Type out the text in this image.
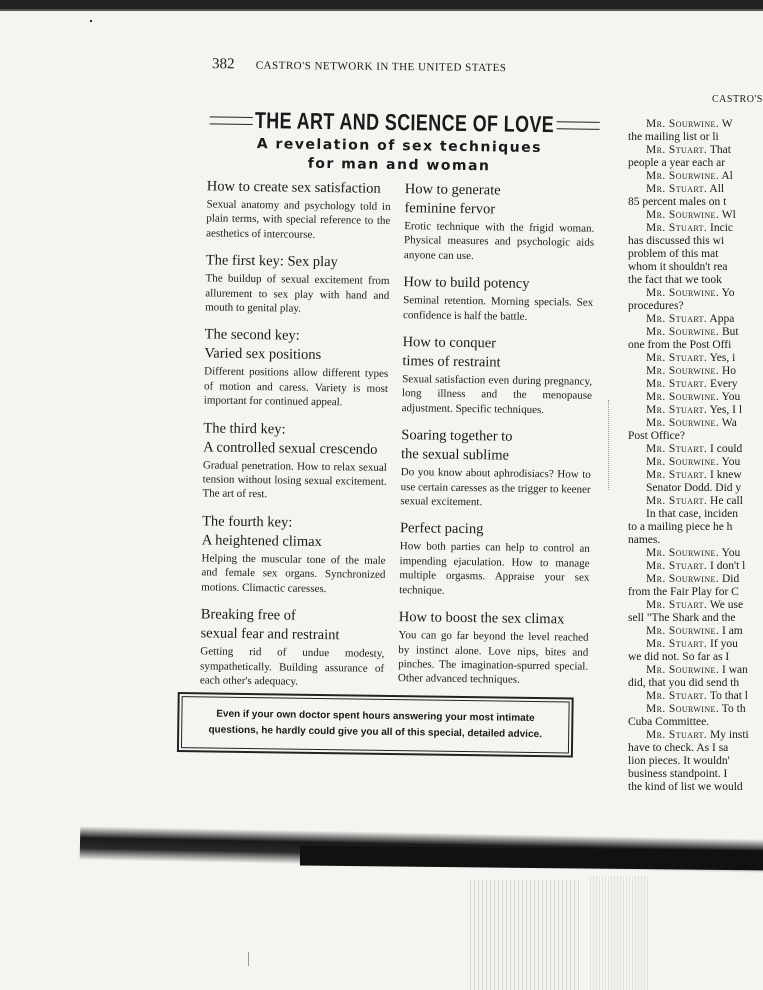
382 CASTRO'S NETWORK IN THE UNITED STATES
CASTRO'S
THE ART AND SCIENCE OF LOVE
A revelation of sex techniques
for man and woman
How to create sex satisfaction
Sexual anatomy and psychology told in plain terms, with special reference to the aesthetics of intercourse.
The first key: Sex play
The buildup of sexual excitement from allurement to sex play with hand and mouth to genital play.
The second key:
Varied sex positions
Different positions allow different types of motion and caress. Variety is most important for continued appeal.
The third key:
A controlled sexual crescendo
Gradual penetration. How to relax sexual tension without losing sexual excitement. The art of rest.
The fourth key:
A heightened climax
Helping the muscular tone of the male and female sex organs. Synchronized motions. Climactic caresses.
Breaking free of
sexual fear and restraint
Getting rid of undue modesty, sympathetically. Building assurance of each other's adequacy.
How to generate
feminine fervor
Erotic technique with the frigid woman. Physical measures and psychologic aids anyone can use.
How to build potency
Seminal retention. Morning specials. Sex confidence is half the battle.
How to conquer
times of restraint
Sexual satisfaction even during pregnancy, long illness and the menopause adjustment. Specific techniques.
Soaring together to
the sexual sublime
Do you know about aphrodisiacs? How to use certain caresses as the trigger to keener sexual excitement.
Perfect pacing
How both parties can help to control an impending ejaculation. How to manage multiple orgasms. Appraise your sex technique.
How to boost the sex climax
You can go far beyond the level reached by instinct alone. Love nips, bites and pinches. The imagination-spurred special. Other advanced techniques.
Even if your own doctor spent hours answering your most intimate questions, he hardly could give you all of this special, detailed advice.
Mr. Sourwine. W
the mailing list or li
Mr. Stuart. That
people a year each ar
Mr. Sourwine. Al
Mr. Stuart. All
85 percent males on t
Mr. Sourwine. Wl
Mr. Stuart. Incic
has discussed this wi
problem of this mat
whom it shouldn't rea
the fact that we took
Mr. Sourwine. Yo
procedures?
Mr. Stuart. Appa
Mr. Sourwine. But
one from the Post Offi
Mr. Stuart. Yes, i
Mr. Sourwine. Ho
Mr. Stuart. Every
Mr. Sourwine. You
Mr. Stuart. Yes, I l
Mr. Sourwine. Wa
Post Office?
Mr. Stuart. I could
Mr. Sourwine. You
Mr. Stuart. I knew
Senator Dodd. Did y
Mr. Stuart. He call
In that case, inciden
to a mailing piece he h
names.
Mr. Sourwine. You
Mr. Stuart. I don't l
Mr. Sourwine. Did
from the Fair Play for C
Mr. Stuart. We use
sell "The Shark and the
Mr. Sourwine. I am
Mr. Stuart. If you
we did not. So far as I
Mr. Sourwine. I wan
did, that you did send th
Mr. Stuart. To that l
Mr. Sourwine. To th
Cuba Committee.
Mr. Stuart. My insti
have to check. As I sa
lion pieces. It wouldn'
business standpoint. I
the kind of list we would
